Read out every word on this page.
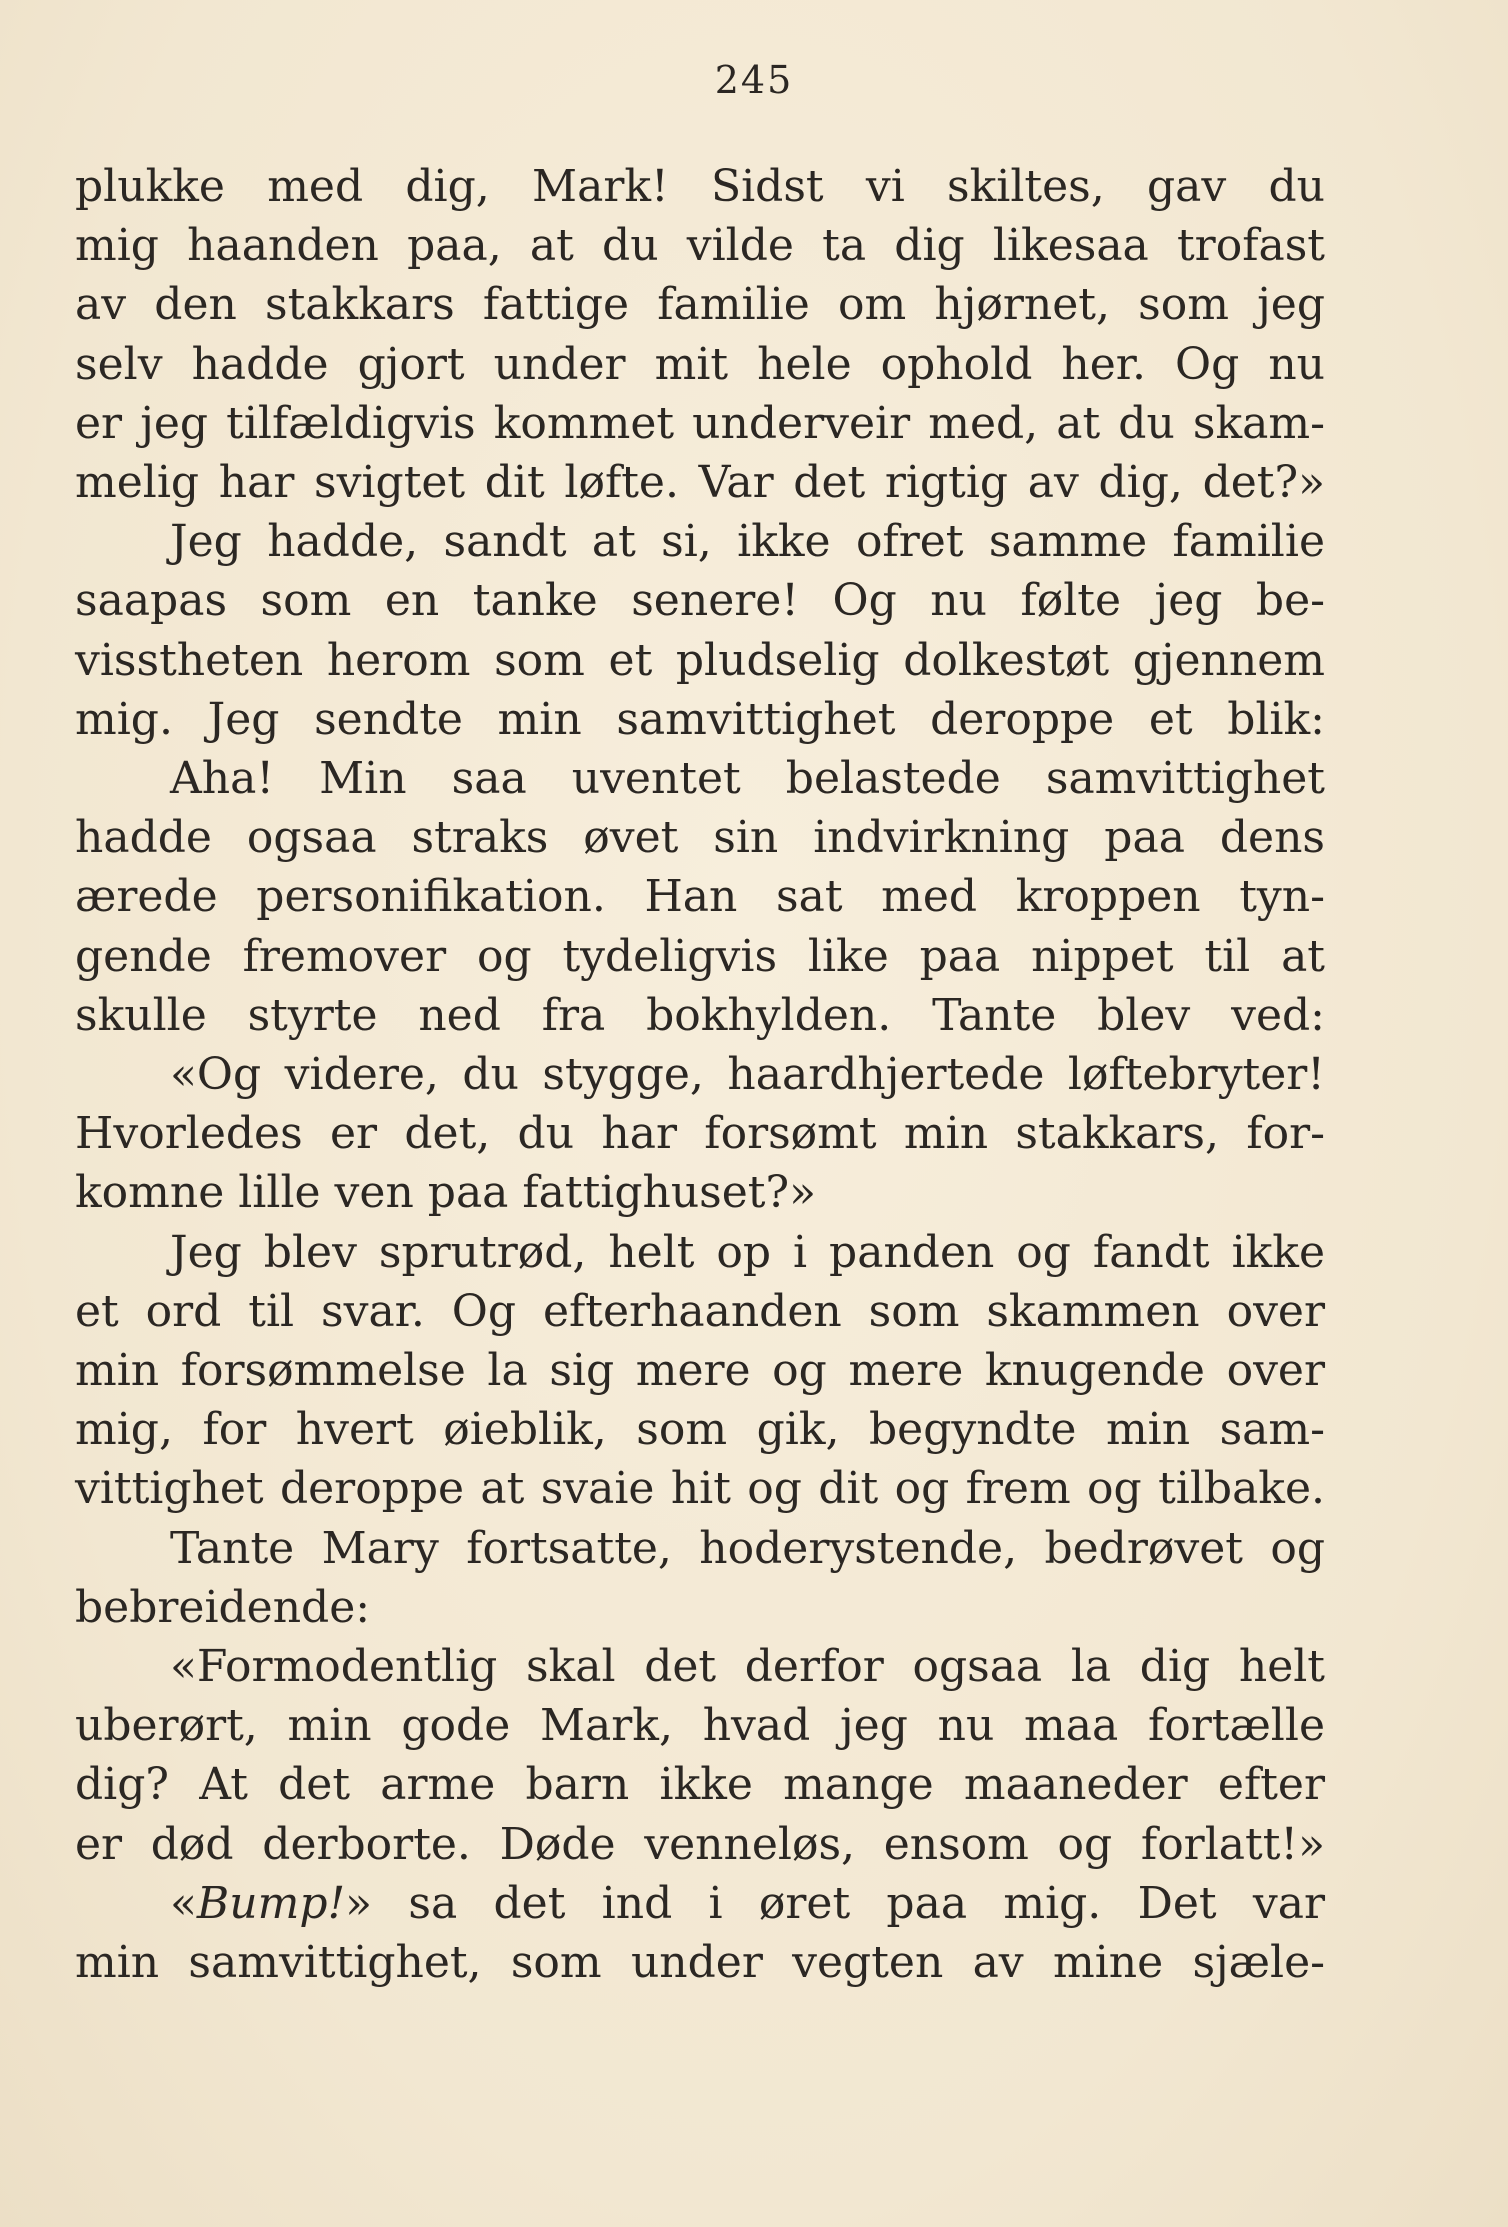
245
plukke med dig, Mark! Sidst vi skiltes, gav du
mig haanden paa, at du vilde ta dig likesaa trofast
av den stakkars fattige familie om hjørnet, som jeg
selv hadde gjort under mit hele ophold her. Og nu
er jeg tilfældigvis kommet underveir med, at du skam-
melig har svigtet dit løfte. Var det rigtig av dig, det?»
Jeg hadde, sandt at si, ikke ofret samme familie
saapas som en tanke senere! Og nu følte jeg be-
visstheten herom som et pludselig dolkestøt gjennem
mig. Jeg sendte min samvittighet deroppe et blik:
Aha! Min saa uventet belastede samvittighet
hadde ogsaa straks øvet sin indvirkning paa dens
ærede personifikation. Han sat med kroppen tyn-
gende fremover og tydeligvis like paa nippet til at
skulle styrte ned fra bokhylden. Tante blev ved:
«Og videre, du stygge, haardhjertede løftebryter!
Hvorledes er det, du har forsømt min stakkars, for-
komne lille ven paa fattighuset?»
Jeg blev sprutrød, helt op i panden og fandt ikke
et ord til svar. Og efterhaanden som skammen over
min forsømmelse la sig mere og mere knugende over
mig, for hvert øieblik, som gik, begyndte min sam-
vittighet deroppe at svaie hit og dit og frem og tilbake.
Tante Mary fortsatte, hoderystende, bedrøvet og
bebreidende:
«Formodentlig skal det derfor ogsaa la dig helt
uberørt, min gode Mark, hvad jeg nu maa fortælle
dig? At det arme barn ikke mange maaneder efter
er død derborte. Døde venneløs, ensom og forlatt!»
«Bump!» sa det ind i øret paa mig. Det var
min samvittighet, som under vegten av mine sjæle-
